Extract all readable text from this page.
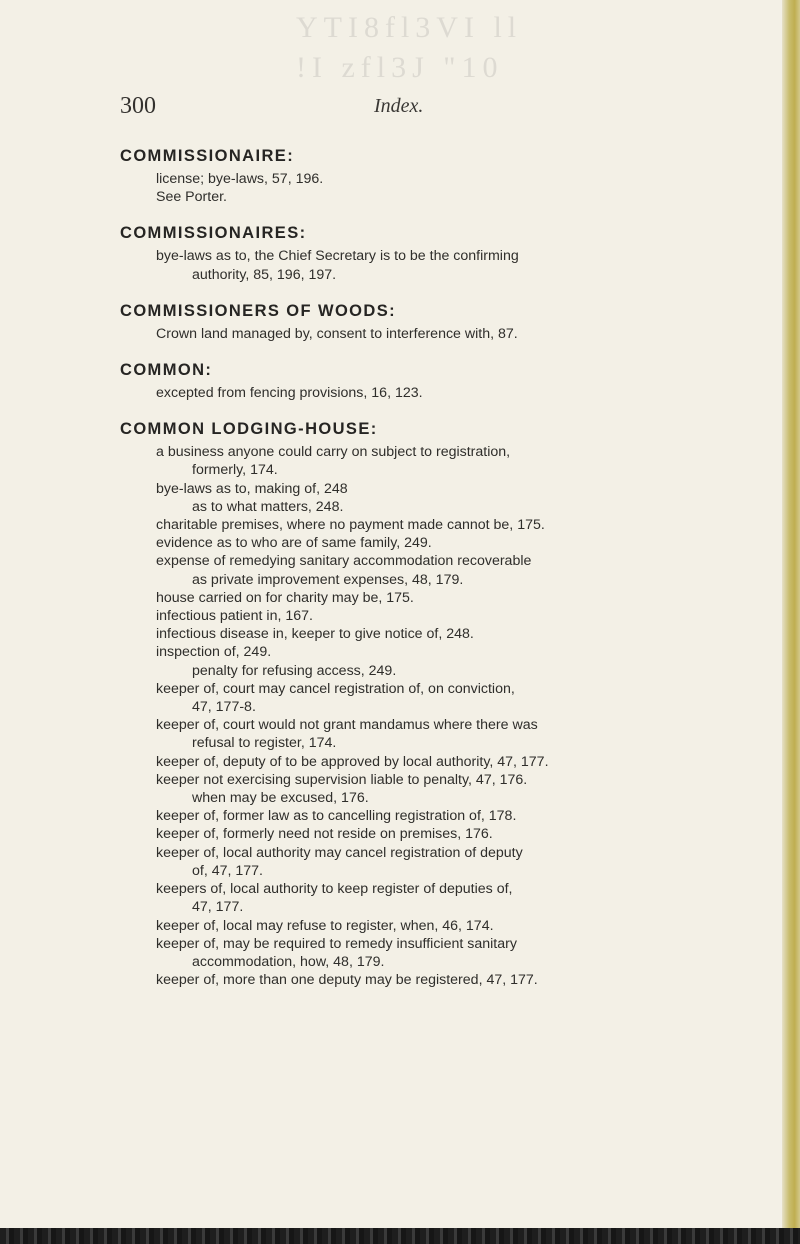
YTI8fl3VI ll !I zfl3J "10
300	Index.
COMMISSIONAIRE:
license; bye-laws, 57, 196.
See Porter.
COMMISSIONAIRES:
bye-laws as to, the Chief Secretary is to be the confirming
authority, 85, 196, 197.
COMMISSIONERS OF WOODS:
Crown land managed by, consent to interference with, 87.
COMMON:
excepted from fencing provisions, 16, 123.
COMMON LODGING-HOUSE:
a business anyone could carry on subject to registration,
formerly, 174.
bye-laws as to, making of, 248
as to what matters, 248.
charitable premises, where no payment made cannot be, 175.
evidence as to who are of same family, 249.
expense of remedying sanitary accommodation recoverable
as private improvement expenses, 48, 179.
house carried on for charity may be, 175.
infectious patient in, 167.
infectious disease in, keeper to give notice of, 248.
inspection of, 249.
penalty for refusing access, 249.
keeper of, court may cancel registration of, on conviction,
47, 177-8.
keeper of, court would not grant mandamus where there was
refusal to register, 174.
keeper of, deputy of to be approved by local authority, 47, 177.
keeper not exercising supervision liable to penalty, 47, 176.
when may be excused, 176.
keeper of, former law as to cancelling registration of, 178.
keeper of, formerly need not reside on premises, 176.
keeper of, local authority may cancel registration of deputy
of, 47, 177.
keepers of, local authority to keep register of deputies of,
47, 177.
keeper of, local may refuse to register, when, 46, 174.
keeper of, may be required to remedy insufficient sanitary
accommodation, how, 48, 179.
keeper of, more than one deputy may be registered, 47, 177.
